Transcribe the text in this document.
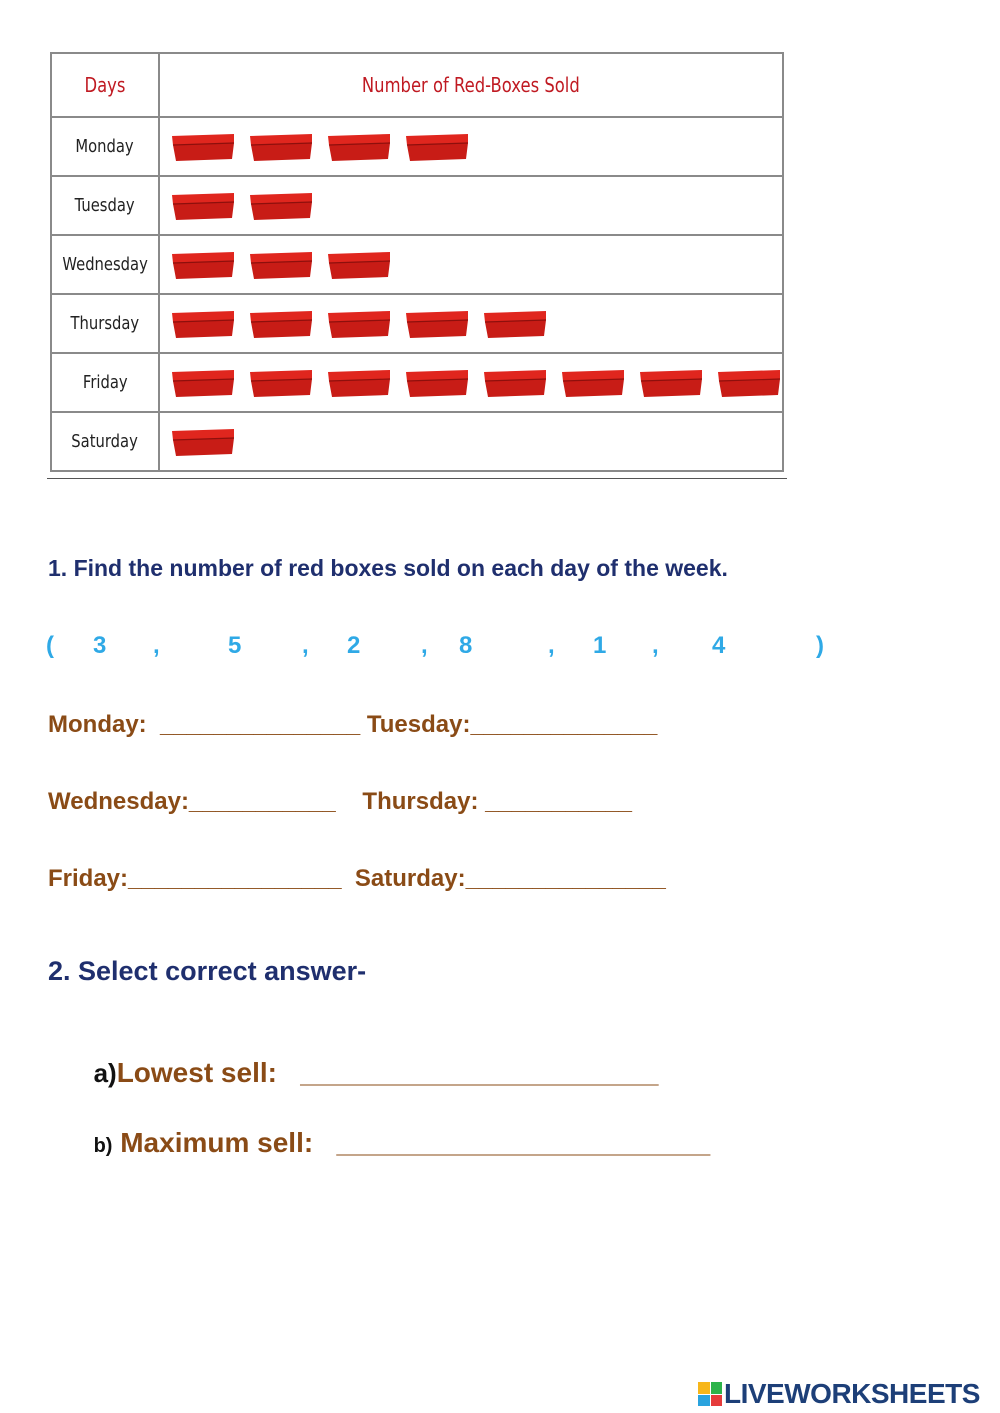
Days	Number of Red-Boxes Sold
Monday	

Tuesday	

Wednesday	

Thursday	

Friday	

Saturday	

1. Find the number of red boxes sold on each day of the week.

( 3 ,	5	, 2	, 8	, 1 , 4	)

Monday:  _______________ Tuesday:______________

Wednesday:___________    Thursday: ___________

Friday:________________  Saturday:_______________

2. Select correct answer-

a)Lowest sell:   _______________________

b) Maximum sell:   ________________________

LIVEWORKSHEETS
